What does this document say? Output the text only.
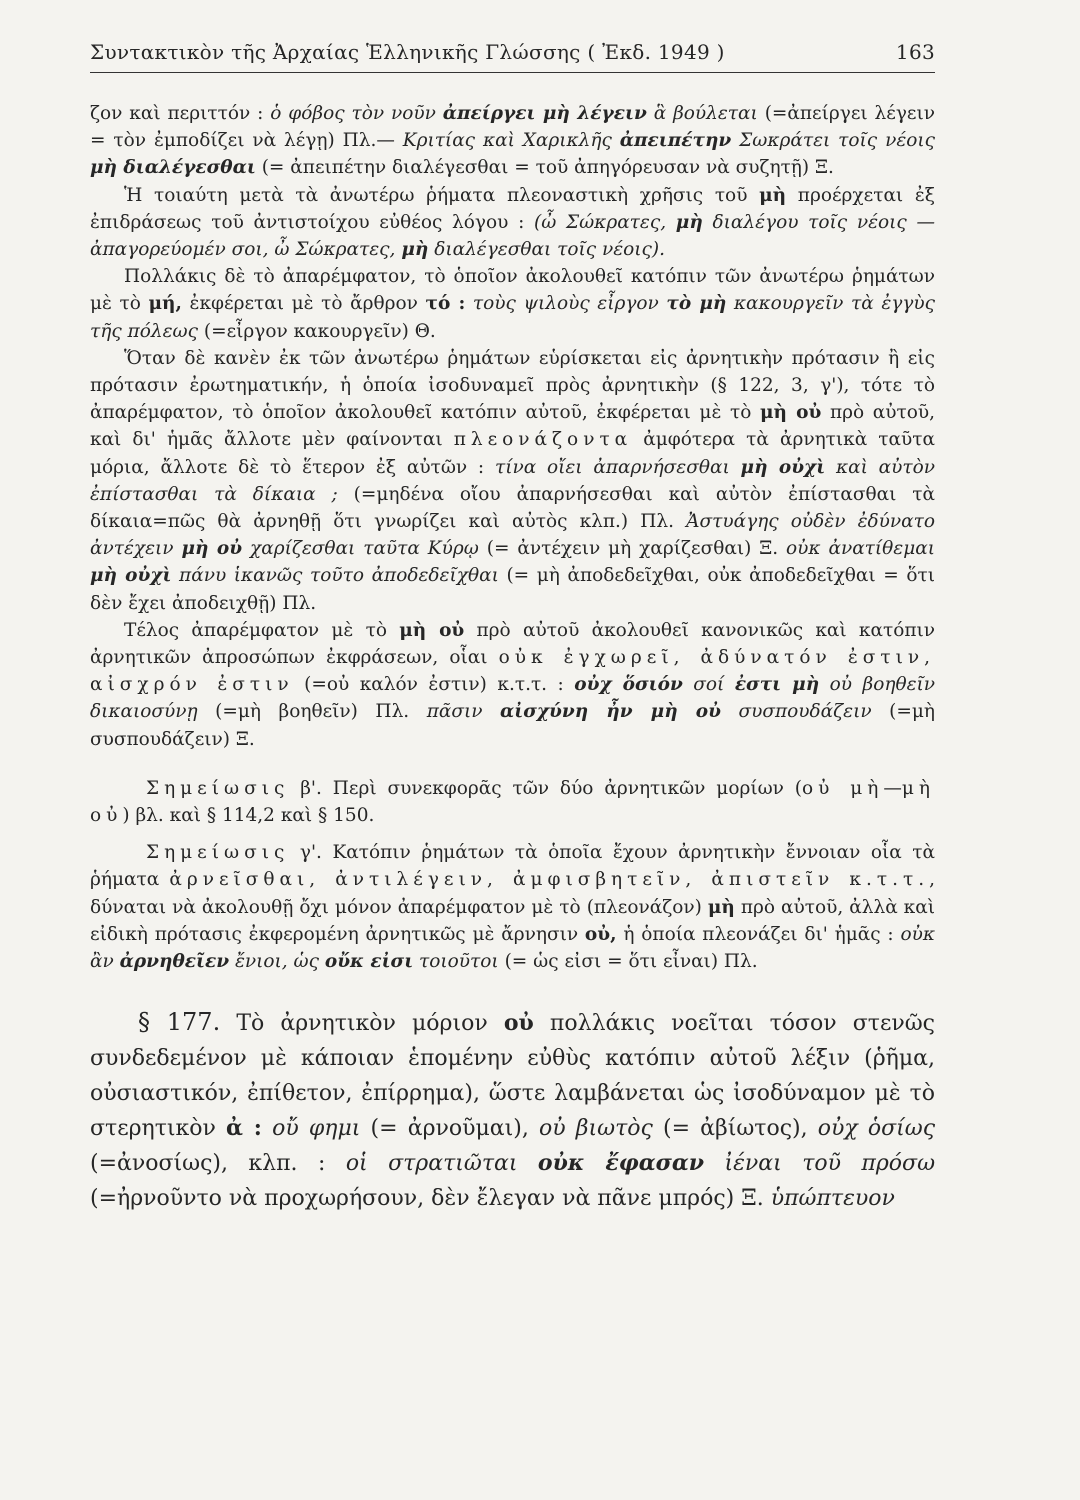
Συντακτικὸν τῆς Ἀρχαίας Ἑλληνικῆς Γλώσσης ( Ἐκδ. 1949 )	163

ζον καὶ περιττόν : ὁ φόβος τὸν νοῦν ἀπείργει μὴ λέγειν ἃ βούλεται (=ἀπείργει λέγειν = τὸν ἐμποδίζει νὰ λέγῃ) Πλ.— Κριτίας καὶ Χαρικλῆς ἀπειπέτην Σωκράτει τοῖς νέοις μὴ διαλέγεσθαι (= ἀπειπέτην διαλέγεσθαι = τοῦ ἀπηγόρευσαν νὰ συζητῇ) Ξ.

Ἡ τοιαύτη μετὰ τὰ ἀνωτέρω ῥήματα πλεοναστικὴ χρῆσις τοῦ μὴ προέρχεται ἐξ ἐπιδράσεως τοῦ ἀντιστοίχου εὐθέος λόγου : (ὦ Σώκρατες, μὴ διαλέγου τοῖς νέοις — ἀπαγορεύομέν σοι, ὦ Σώκρατες, μὴ διαλέγεσθαι τοῖς νέοις).

Πολλάκις δὲ τὸ ἀπαρέμφατον, τὸ ὁποῖον ἀκολουθεῖ κατόπιν τῶν ἀνωτέρω ῥημάτων μὲ τὸ μή, ἐκφέρεται μὲ τὸ ἄρθρον τό : τοὺς ψιλοὺς εἶργον τὸ μὴ κακουργεῖν τὰ ἐγγὺς τῆς πόλεως (=εἶργον κακουργεῖν) Θ.

Ὅταν δὲ κανὲν ἐκ τῶν ἀνωτέρω ῥημάτων εὑρίσκεται εἰς ἀρνητικὴν πρότασιν ἢ εἰς πρότασιν ἐρωτηματικήν, ἡ ὁποία ἰσοδυναμεῖ πρὸς ἀρνητικὴν (§ 122, 3, γ'), τότε τὸ ἀπαρέμφατον, τὸ ὁποῖον ἀκολουθεῖ κατόπιν αὐτοῦ, ἐκφέρεται μὲ τὸ μὴ οὐ πρὸ αὐτοῦ, καὶ δι' ἡμᾶς ἄλλοτε μὲν φαίνονται πλεονάζοντα ἀμφότερα τὰ ἀρνητικὰ ταῦτα μόρια, ἄλλοτε δὲ τὸ ἕτερον ἐξ αὐτῶν : τίνα οἴει ἀπαρνήσεσθαι μὴ οὐχὶ καὶ αὐτὸν ἐπίστασθαι τὰ δίκαια ; (=μηδένα οἴου ἀπαρνήσεσθαι καὶ αὐτὸν ἐπίστασθαι τὰ δίκαια=πῶς θὰ ἀρνηθῇ ὅτι γνωρίζει καὶ αὐτὸς κλπ.) Πλ. Ἀστυάγης οὐδὲν ἐδύνατο ἀντέχειν μὴ οὐ χαρίζεσθαι ταῦτα Κύρῳ (= ἀντέχειν μὴ χαρίζεσθαι) Ξ. οὐκ ἀνατίθεμαι μὴ οὐχὶ πάνυ ἱκανῶς τοῦτο ἀποδεδεῖχθαι (= μὴ ἀποδεδεῖχθαι, οὐκ ἀποδεδεῖχθαι = ὅτι δὲν ἔχει ἀποδειχθῇ) Πλ.

Τέλος ἀπαρέμφατον μὲ τὸ μὴ οὐ πρὸ αὐτοῦ ἀκολουθεῖ κανονικῶς καὶ κατόπιν ἀρνητικῶν ἀπροσώπων ἐκφράσεων, οἷαι οὐκ ἐγχωρεῖ, ἀδύνατόν ἐστιν, αἰσχρόν ἐστιν (=οὐ καλόν ἐστιν) κ.τ.τ. : οὐχ ὅσιόν σοί ἐστι μὴ οὐ βοηθεῖν δικαιοσύνῃ (=μὴ βοηθεῖν) Πλ. πᾶσιν αἰσχύνη ἦν μὴ οὐ συσπουδάζειν (=μὴ συσπουδάζειν) Ξ.

Σημείωσις β'. Περὶ συνεκφορᾶς τῶν δύο ἀρνητικῶν μορίων (οὐ μὴ—μὴ οὐ) βλ. καὶ § 114,2 καὶ § 150.

Σημείωσις γ'. Κατόπιν ῥημάτων τὰ ὁποῖα ἔχουν ἀρνητικὴν ἔννοιαν οἷα τὰ ῥήματα ἀρνεῖσθαι, ἀντιλέγειν, ἀμφισβητεῖν, ἀπιστεῖν κ.τ.τ., δύναται νὰ ἀκολουθῇ ὄχι μόνον ἀπαρέμφατον μὲ τὸ (πλεονάζον) μὴ πρὸ αὐτοῦ, ἀλλὰ καὶ εἰδικὴ πρότασις ἐκφερομένη ἀρνητικῶς μὲ ἄρνησιν οὐ, ἡ ὁποία πλεονάζει δι' ἡμᾶς : οὐκ ἂν ἀρνηθεῖεν ἔνιοι, ὡς οὔκ εἰσι τοιοῦτοι (= ὡς εἰσι = ὅτι εἶναι) Πλ.

§ 177. Τὸ ἀρνητικὸν μόριον οὐ πολλάκις νοεῖται τόσον στενῶς συνδεδεμένον μὲ κάποιαν ἑπομένην εὐθὺς κατόπιν αὐτοῦ λέξιν (ῥῆμα, οὐσιαστικόν, ἐπίθετον, ἐπίρρημα), ὥστε λαμβάνεται ὡς ἰσοδύναμον μὲ τὸ στερητικὸν ἀ : οὔ φημι (= ἀρνοῦμαι), οὐ βιωτὸς (= ἀβίωτος), οὐχ ὁσίως (=ἀνοσίως), κλπ. : οἱ στρατιῶται οὐκ ἔφασαν ἰέναι τοῦ πρόσω (=ἠρνοῦντο νὰ προχωρήσουν, δὲν ἔλεγαν νὰ πᾶνε μπρός) Ξ. ὑπώπτευον
